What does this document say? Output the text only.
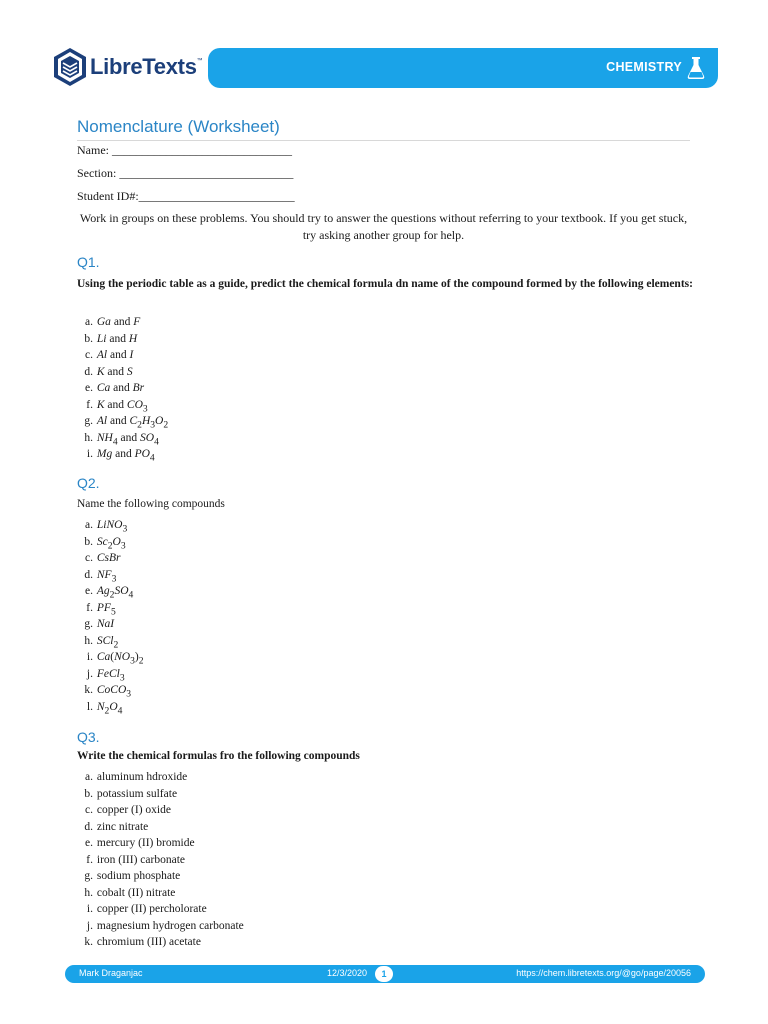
LibreTexts™	CHEMISTRY
Nomenclature (Worksheet)
Name: ______________________________
Section: _____________________________
Student ID#:__________________________
Work in groups on these problems. You should try to answer the questions without referring to your textbook. If you get stuck, try asking another group for help.
Q1.
Using the periodic table as a guide, predict the chemical formula dn name of the compound formed by the following elements:
a. Ga and F
b. Li and H
c. Al and I
d. K and S
e. Ca and Br
f. K and $CO_3$
g. Al and $C_2H_3O_2$
h. $NH_4$ and $SO_4$
i. Mg and $PO_4$
Q2.
Name the following compounds
a. LiNO$_3$
b. $Sc_2O_3$
c. CsBr
d. $NF_3$
e. $Ag_2SO_4$
f. $PF_5$
g. NaI
h. SCl$_2$
i. $Ca(NO_3)_2$
j. FeCl$_3$
k. CoCO$_3$
l. $N_2O_4$
Q3.
Write the chemical formulas fro the following compounds
a. aluminum hdroxide
b. potassium sulfate
c. copper (I) oxide
d. zinc nitrate
e. mercury (II) bromide
f. iron (III) carbonate
g. sodium phosphate
h. cobalt (II) nitrate
i. copper (II) percholorate
j. magnesium hydrogen carbonate
k. chromium (III) acetate
Mark Draganjac	12/3/2020	1	https://chem.libretexts.org/@go/page/20056
